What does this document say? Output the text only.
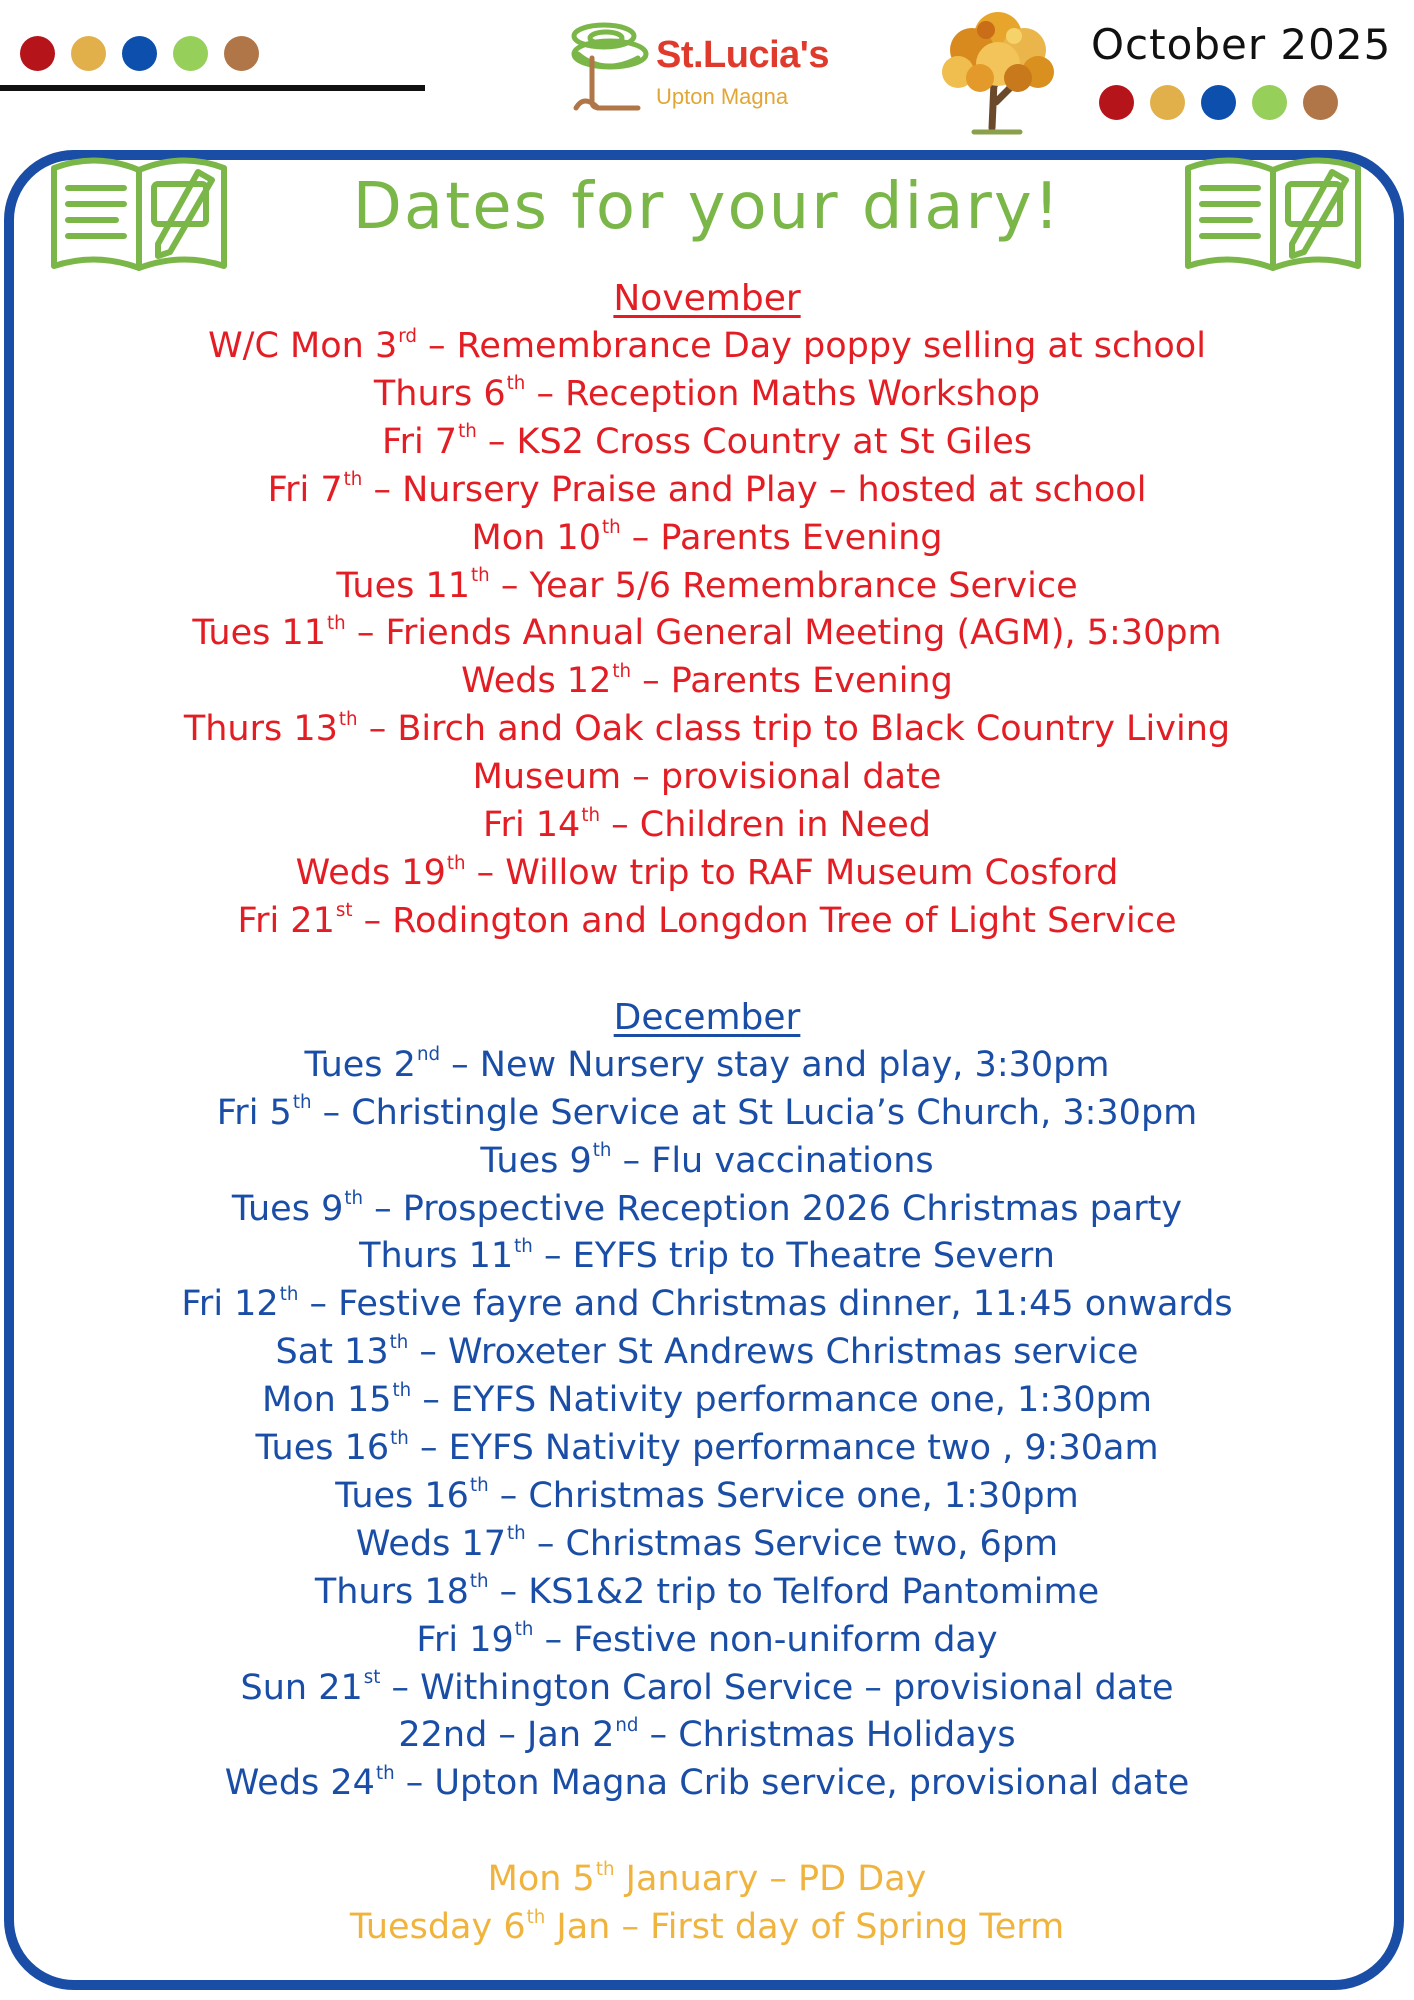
St.Lucia's
Upton Magna
October 2025
Dates for your diary!
November
W/C Mon 3rd – Remembrance Day poppy selling at school
Thurs 6th – Reception Maths Workshop
Fri 7th – KS2 Cross Country at St Giles
Fri 7th – Nursery Praise and Play – hosted at school
Mon 10th – Parents Evening
Tues 11th – Year 5/6 Remembrance Service
Tues 11th – Friends Annual General Meeting (AGM), 5:30pm
Weds 12th – Parents Evening
Thurs 13th – Birch and Oak class trip to Black Country Living
Museum – provisional date
Fri 14th – Children in Need
Weds 19th – Willow trip to RAF Museum Cosford
Fri 21st – Rodington and Longdon Tree of Light Service
December
Tues 2nd – New Nursery stay and play, 3:30pm
Fri 5th – Christingle Service at St Lucia’s Church, 3:30pm
Tues 9th – Flu vaccinations
Tues 9th – Prospective Reception 2026 Christmas party
Thurs 11th – EYFS trip to Theatre Severn
Fri 12th – Festive fayre and Christmas dinner, 11:45 onwards
Sat 13th – Wroxeter St Andrews Christmas service
Mon 15th – EYFS Nativity performance one, 1:30pm
Tues 16th – EYFS Nativity performance two , 9:30am
Tues 16th – Christmas Service one, 1:30pm
Weds 17th – Christmas Service two, 6pm
Thurs 18th – KS1&2 trip to Telford Pantomime
Fri 19th – Festive non-uniform day
Sun 21st – Withington Carol Service – provisional date
22nd – Jan 2nd – Christmas Holidays
Weds 24th – Upton Magna Crib service, provisional date
Mon 5th January – PD Day
Tuesday 6th Jan – First day of Spring Term
